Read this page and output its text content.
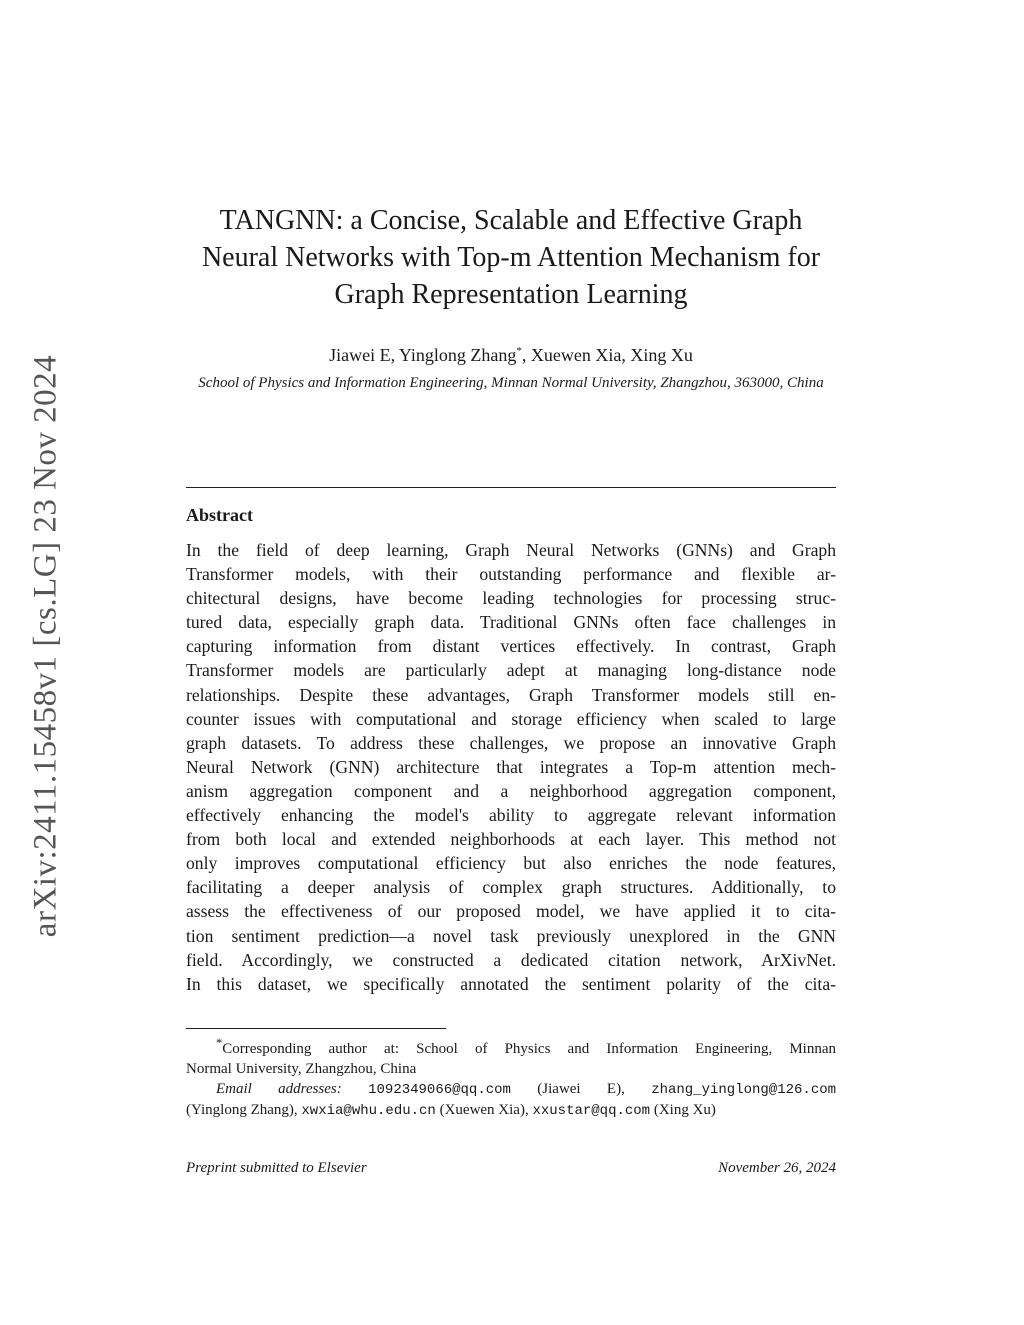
arXiv:2411.15458v1 [cs.LG] 23 Nov 2024
TANGNN: a Concise, Scalable and Effective Graph Neural Networks with Top-m Attention Mechanism for Graph Representation Learning
Jiawei E, Yinglong Zhang*, Xuewen Xia, Xing Xu
School of Physics and Information Engineering, Minnan Normal University, Zhangzhou, 363000, China
Abstract
In the field of deep learning, Graph Neural Networks (GNNs) and Graph
Transformer models, with their outstanding performance and flexible ar-
chitectural designs, have become leading technologies for processing struc-
tured data, especially graph data. Traditional GNNs often face challenges in
capturing information from distant vertices effectively. In contrast, Graph
Transformer models are particularly adept at managing long-distance node
relationships. Despite these advantages, Graph Transformer models still en-
counter issues with computational and storage efficiency when scaled to large
graph datasets. To address these challenges, we propose an innovative Graph
Neural Network (GNN) architecture that integrates a Top-m attention mech-
anism aggregation component and a neighborhood aggregation component,
effectively enhancing the model's ability to aggregate relevant information
from both local and extended neighborhoods at each layer. This method not
only improves computational efficiency but also enriches the node features,
facilitating a deeper analysis of complex graph structures. Additionally, to
assess the effectiveness of our proposed model, we have applied it to cita-
tion sentiment prediction—a novel task previously unexplored in the GNN
field. Accordingly, we constructed a dedicated citation network, ArXivNet.
In this dataset, we specifically annotated the sentiment polarity of the cita-
*Corresponding author at: School of Physics and Information Engineering, Minnan
Normal University, Zhangzhou, China
Email addresses: 1092349066@qq.com (Jiawei E), zhang_yinglong@126.com
(Yinglong Zhang), xwxia@whu.edu.cn (Xuewen Xia), xxustar@qq.com (Xing Xu)
Preprint submitted to Elsevier	November 26, 2024
